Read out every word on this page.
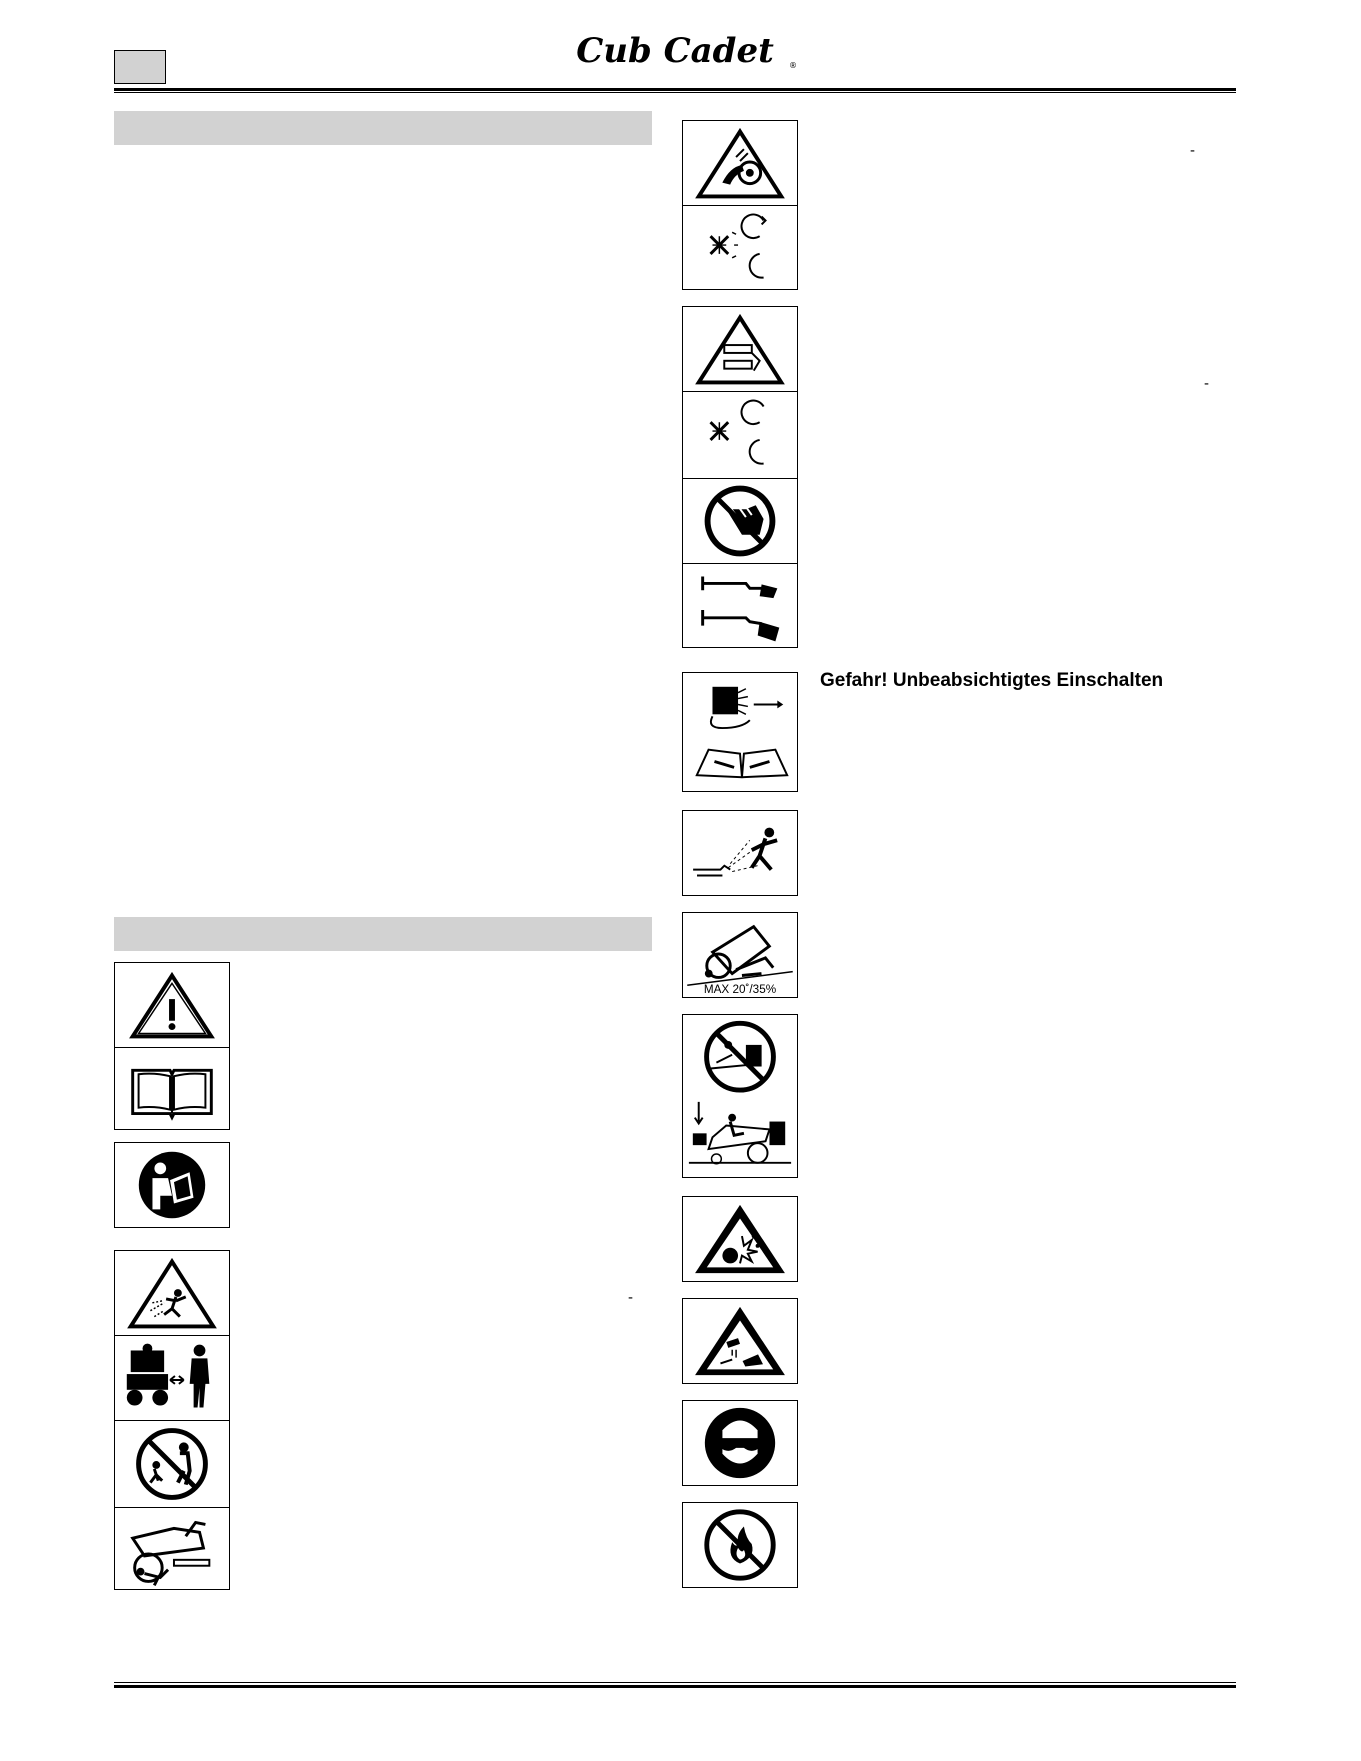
Cub Cadet ®
-
-
-
Gefahr! Unbeabsichtigtes Einschalten
MAX 20˚/35%
